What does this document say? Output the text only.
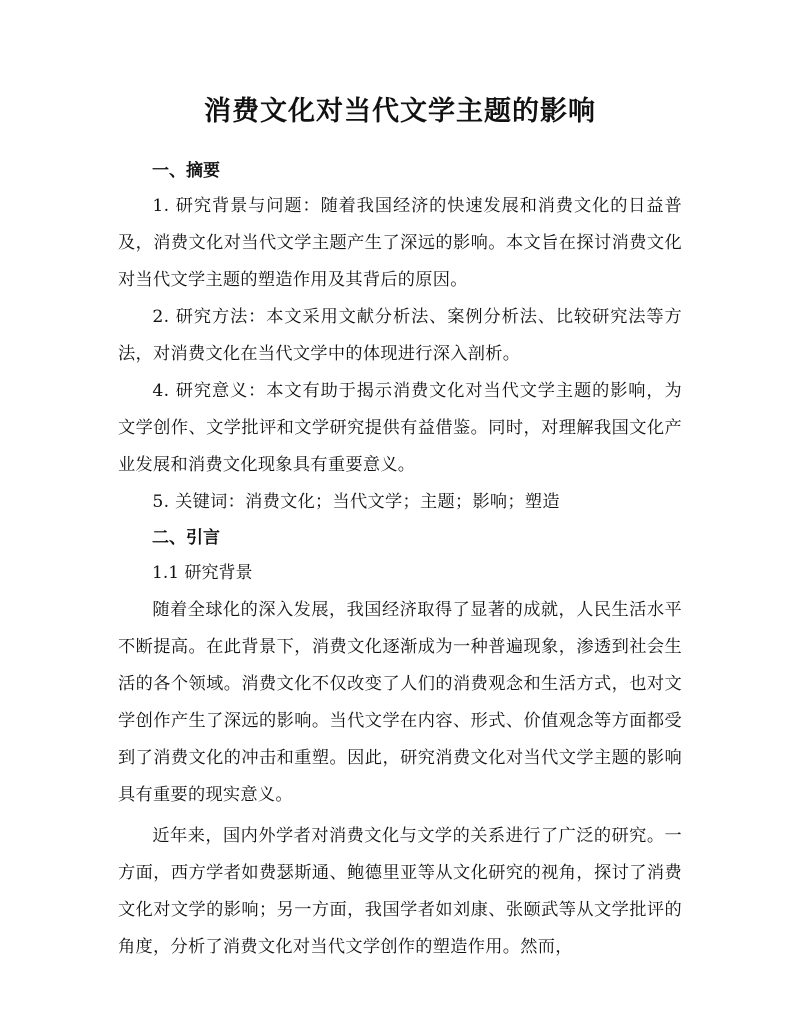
消费文化对当代文学主题的影响
一、摘要

1. 研究背景与问题：随着我国经济的快速发展和消费文化的日益普及，消费文化对当代文学主题产生了深远的影响。本文旨在探讨消费文化对当代文学主题的塑造作用及其背后的原因。

2. 研究方法：本文采用文献分析法、案例分析法、比较研究法等方法，对消费文化在当代文学中的体现进行深入剖析。

4. 研究意义：本文有助于揭示消费文化对当代文学主题的影响，为文学创作、文学批评和文学研究提供有益借鉴。同时，对理解我国文化产业发展和消费文化现象具有重要意义。

5. 关键词：消费文化；当代文学；主题；影响；塑造

二、引言

1.1 研究背景

随着全球化的深入发展，我国经济取得了显著的成就，人民生活水平不断提高。在此背景下，消费文化逐渐成为一种普遍现象，渗透到社会生活的各个领域。消费文化不仅改变了人们的消费观念和生活方式，也对文学创作产生了深远的影响。当代文学在内容、形式、价值观念等方面都受到了消费文化的冲击和重塑。因此，研究消费文化对当代文学主题的影响具有重要的现实意义。

近年来，国内外学者对消费文化与文学的关系进行了广泛的研究。一方面，西方学者如费瑟斯通、鲍德里亚等从文化研究的视角，探讨了消费文化对文学的影响；另一方面，我国学者如刘康、张颐武等从文学批评的角度，分析了消费文化对当代文学创作的塑造作用。然而，
